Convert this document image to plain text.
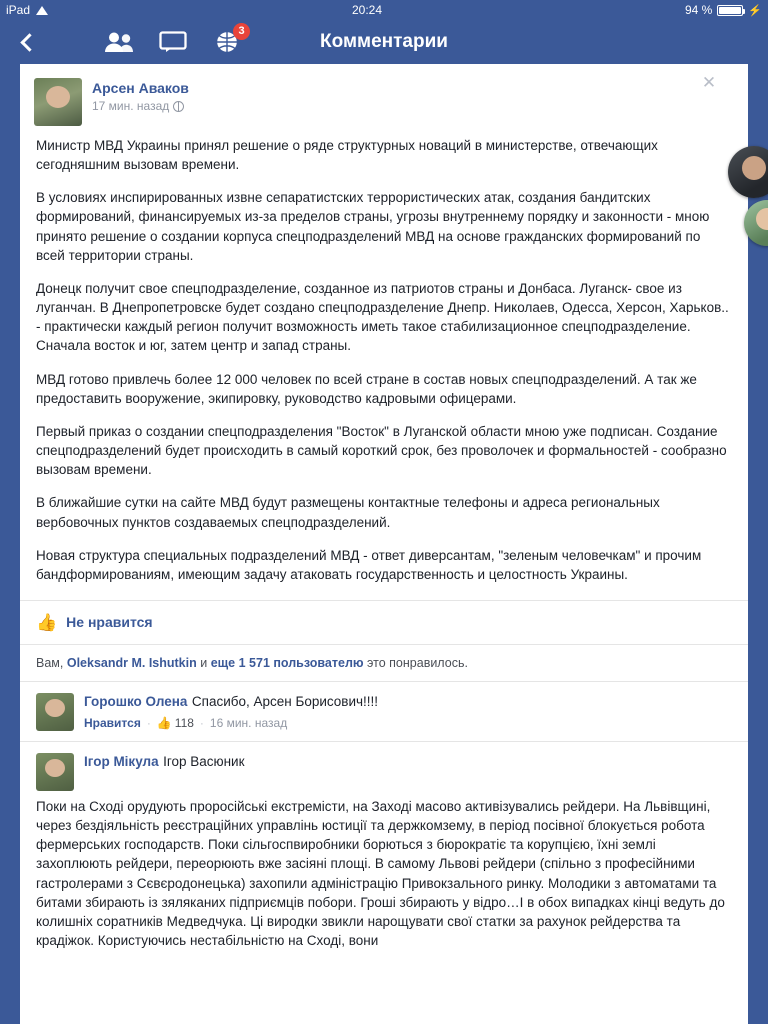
iPad	20:24	94 %	⚡
3	Комментарии
✕
Арсен Аваков
17 мин. назад

Министр МВД Украины принял решение о ряде структурных новаций в министерстве, отвечающих сегодняшним вызовам времени.

В условиях инспирированных извне сепаратистских террористических атак, создания бандитских формирований, финансируемых из-за пределов страны, угрозы внутреннему порядку и законности - мною принято решение о создании корпуса спецподразделений МВД на основе гражданских формирований по всей территории страны.

Донецк получит свое спецподразделение, созданное из патриотов страны и Донбаса. Луганск- свое из луганчан. В Днепропетровске будет создано спецподразделение Днепр. Николаев, Одесса, Херсон, Харьков.. - практически каждый регион получит возможность иметь такое стабилизационное спецподразделение. Сначала восток и юг, затем центр и запад страны.

МВД готово привлечь более 12 000 человек по всей стране в состав новых спецподразделений. А так же предоставить вооружение, экипировку, руководство кадровыми офицерами.

Первый приказ о создании спецподразделения "Восток" в Луганской области мною уже подписан. Создание спецподразделений будет происходить в самый короткий срок, без проволочек и формальностей - сообразно вызовам времени.

В ближайшие сутки на сайте МВД будут размещены контактные телефоны и адреса региональных вербовочных пунктов создаваемых спецподразделений.

Новая структура специальных подразделений МВД - ответ диверсантам, "зеленым человечкам" и прочим бандформированиям, имеющим задачу атаковать государственность и целостность Украины.

👍 Не нравится
Вам, Oleksandr M. Ishutkin и еще 1 571 пользователю это понравилось.
Горошко Олена Спасибо, Арсен Борисович!!!!
Нравится · 👍 118 · 16 мин. назад
Ігор Мікула Ігор Васюник
Поки на Сході орудують проросійські екстремісти, на Заході масово активізувались рейдери. На Львівщині, через бездіяльність реєстраційних управлінь юстиції та держкомзему, в період посівної блокується робота фермерських господарств. Поки сільгоспвиробники борються з бюрократіє та корупцією, їхні землі захоплюють рейдери, переорюють вже засіяні площі. В самому Львові рейдери (спільно з професійними гастролерами з Сєвєродонецька) захопили адміністрацію Привокзального ринку. Молодики з автоматами та битами збирають із зяляканих підприємців побори. Гроші збирають у відро…І в обох випадках кінці ведуть до колишніх соратників Медведчука. Ці виродки звикли нарощувати свої статки за рахунок рейдерства та крадіжок. Користуючись нестабільністю на Сході, вони
